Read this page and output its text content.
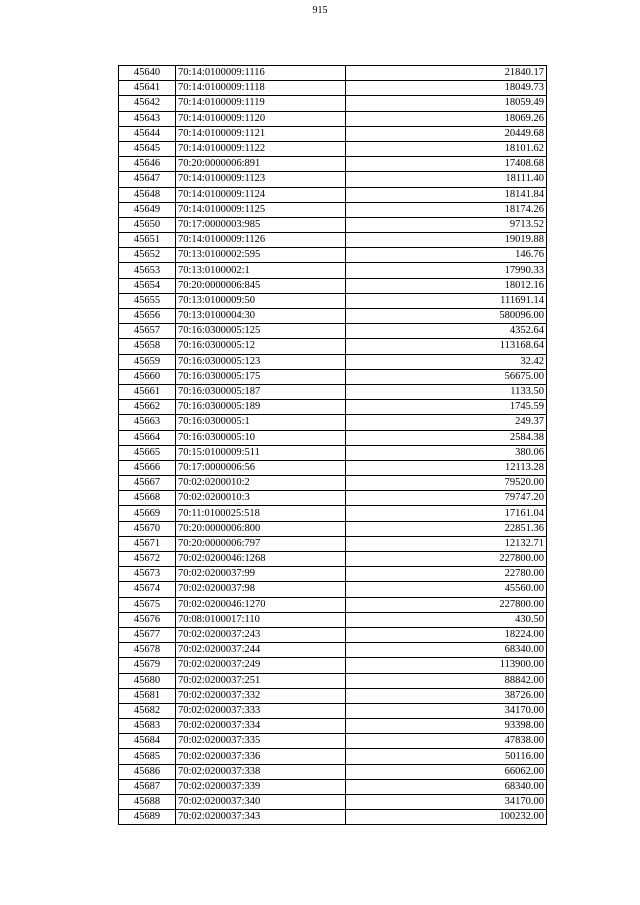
915
45640	70:14:0100009:1116	21840.17
45641	70:14:0100009:1118	18049.73
45642	70:14:0100009:1119	18059.49
45643	70:14:0100009:1120	18069.26
45644	70:14:0100009:1121	20449.68
45645	70:14:0100009:1122	18101.62
45646	70:20:0000006:891	17408.68
45647	70:14:0100009:1123	18111.40
45648	70:14:0100009:1124	18141.84
45649	70:14:0100009:1125	18174.26
45650	70:17:0000003:985	9713.52
45651	70:14:0100009:1126	19019.88
45652	70:13:0100002:595	146.76
45653	70:13:0100002:1	17990.33
45654	70:20:0000006:845	18012.16
45655	70:13:0100009:50	111691.14
45656	70:13:0100004:30	580096.00
45657	70:16:0300005:125	4352.64
45658	70:16:0300005:12	113168.64
45659	70:16:0300005:123	32.42
45660	70:16:0300005:175	56675.00
45661	70:16:0300005:187	1133.50
45662	70:16:0300005:189	1745.59
45663	70:16:0300005:1	249.37
45664	70:16:0300005:10	2584.38
45665	70:15:0100009:511	380.06
45666	70:17:0000006:56	12113.28
45667	70:02:0200010:2	79520.00
45668	70:02:0200010:3	79747.20
45669	70:11:0100025:518	17161.04
45670	70:20:0000006:800	22851.36
45671	70:20:0000006:797	12132.71
45672	70:02:0200046:1268	227800.00
45673	70:02:0200037:99	22780.00
45674	70:02:0200037:98	45560.00
45675	70:02:0200046:1270	227800.00
45676	70:08:0100017:110	430.50
45677	70:02:0200037:243	18224.00
45678	70:02:0200037:244	68340.00
45679	70:02:0200037:249	113900.00
45680	70:02:0200037:251	88842.00
45681	70:02:0200037:332	38726.00
45682	70:02:0200037:333	34170.00
45683	70:02:0200037:334	93398.00
45684	70:02:0200037:335	47838.00
45685	70:02:0200037:336	50116.00
45686	70:02:0200037:338	66062.00
45687	70:02:0200037:339	68340.00
45688	70:02:0200037:340	34170.00
45689	70:02:0200037:343	100232.00
